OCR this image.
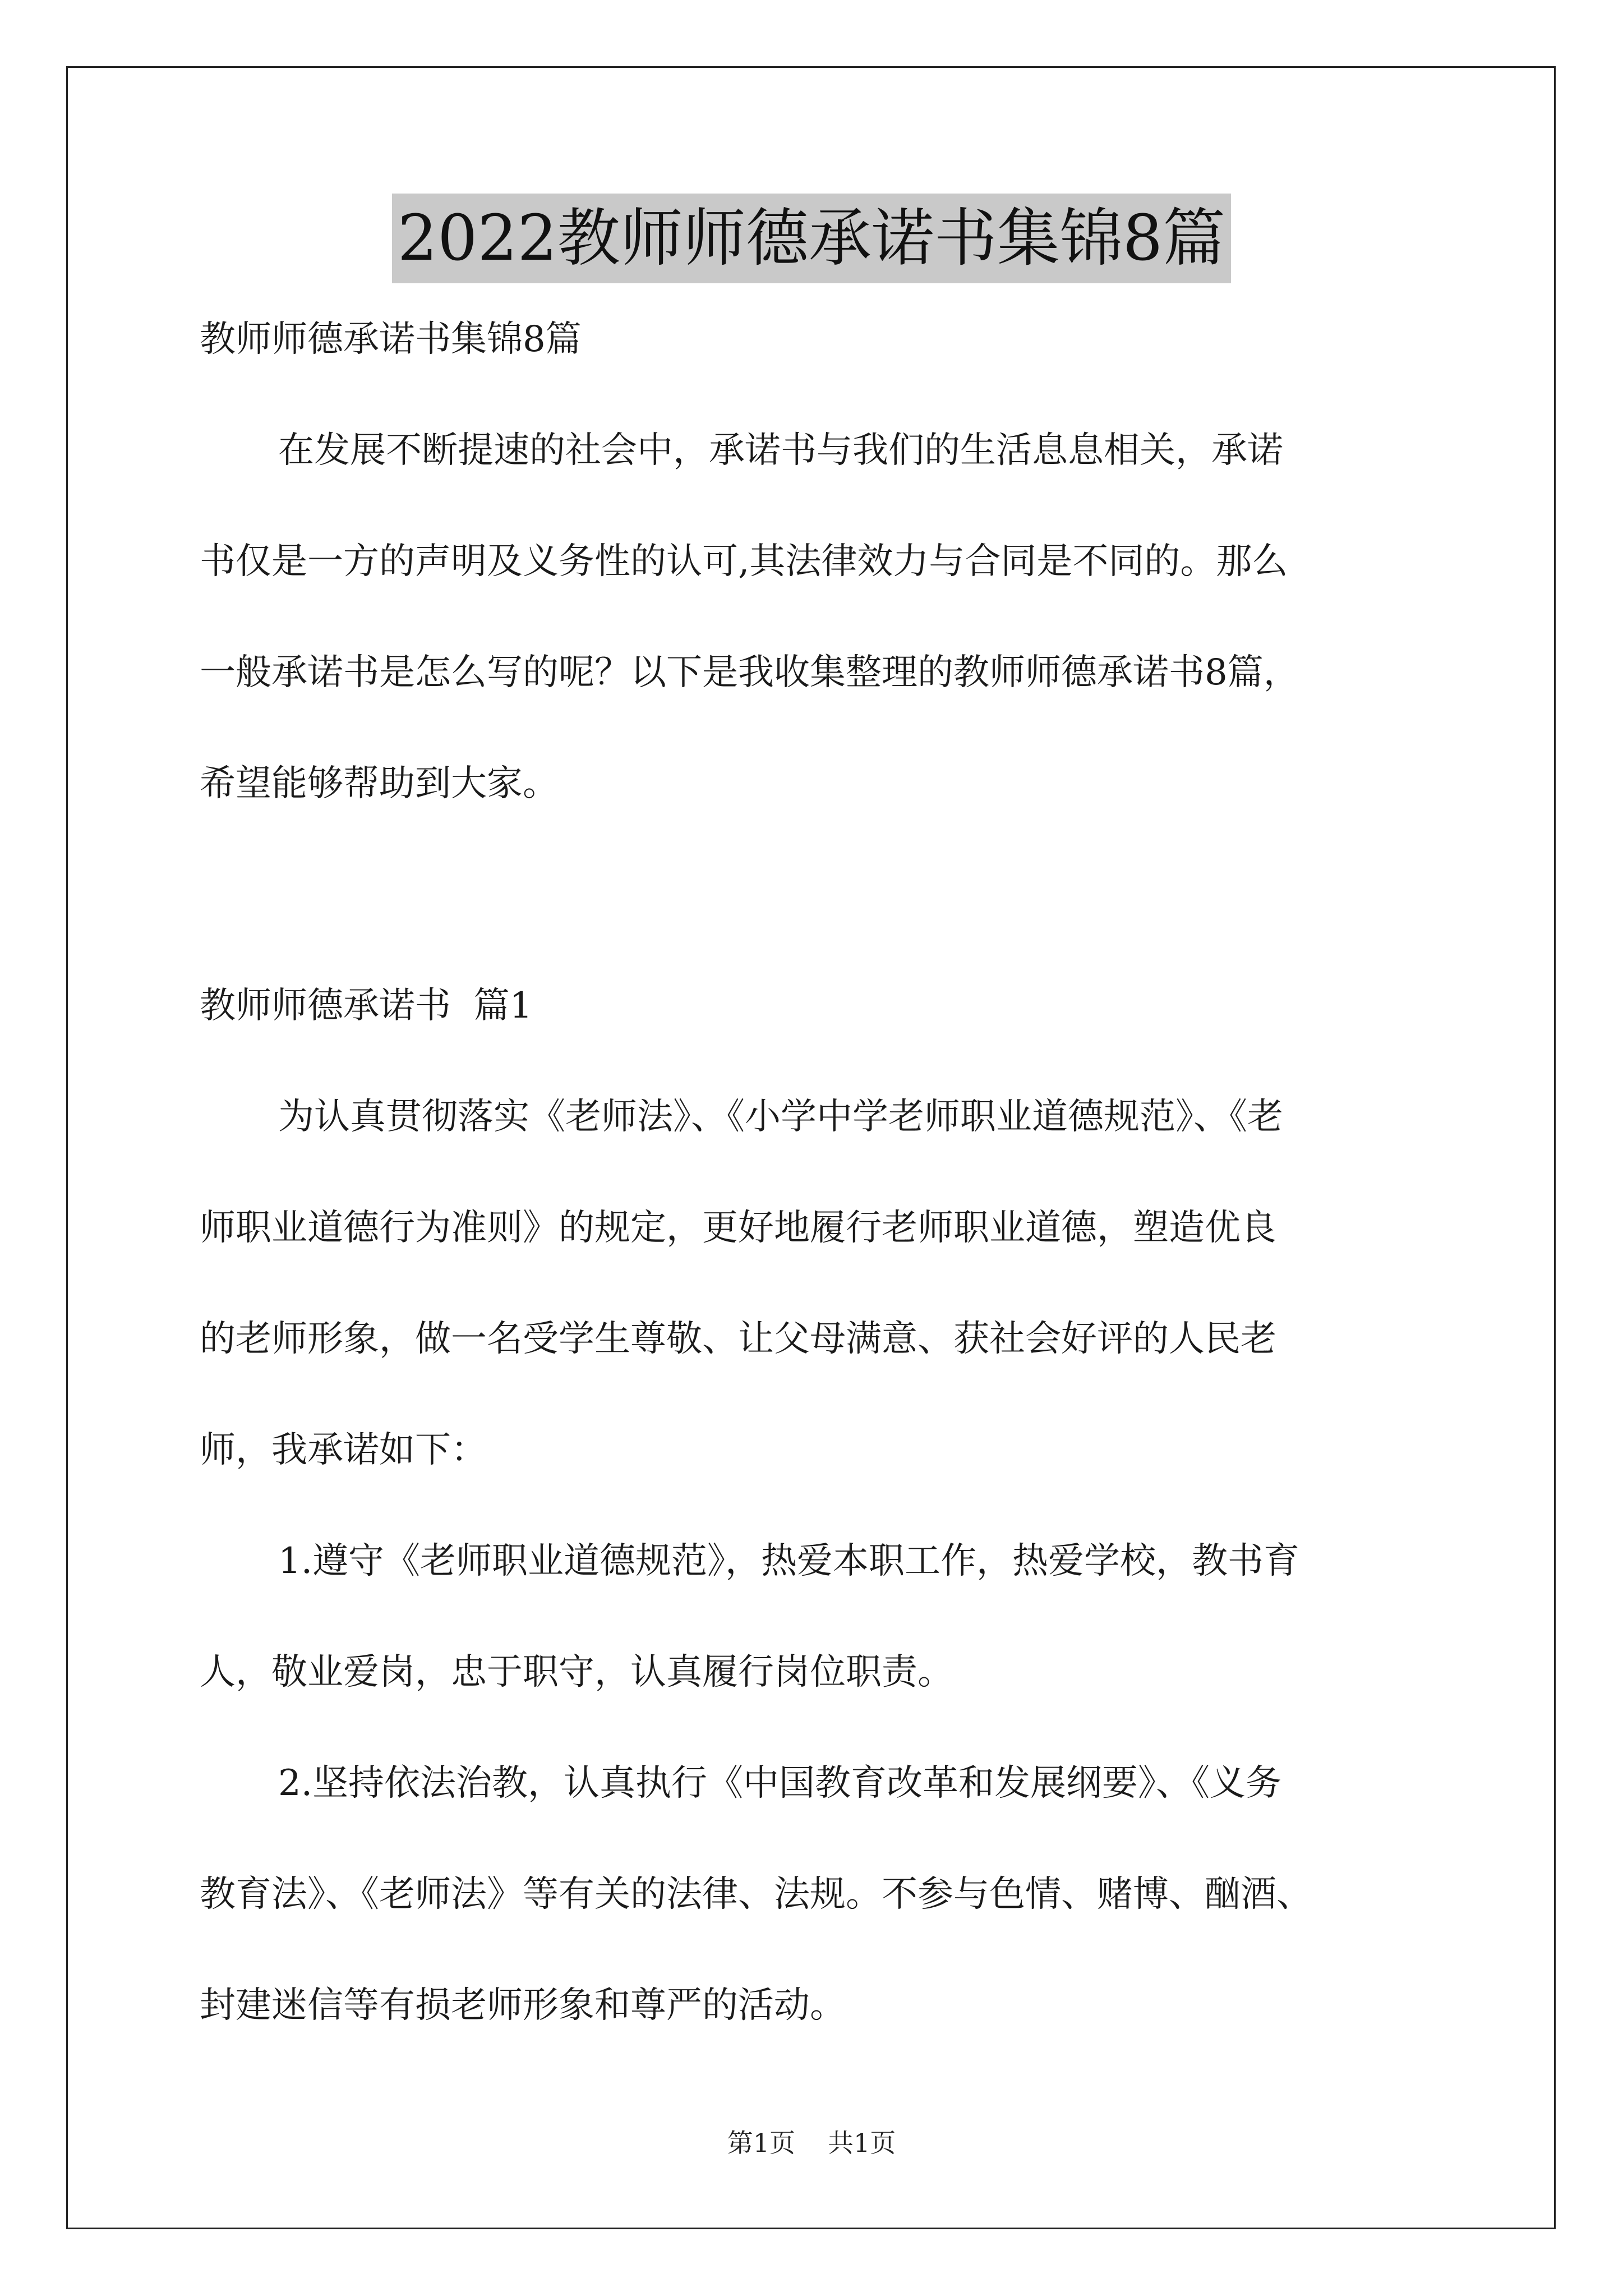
2022教师师德承诺书集锦8篇

教师师德承诺书集锦8篇

在发展不断提速的社会中，承诺书与我们的生活息息相关，承诺

书仅是一方的声明及义务性的认可,其法律效力与合同是不同的。那么

一般承诺书是怎么写的呢？以下是我收集整理的教师师德承诺书8篇，

希望能够帮助到大家。

教师师德承诺书  篇1

为认真贯彻落实《老师法》、《小学中学老师职业道德规范》、《老

师职业道德行为准则》的规定，更好地履行老师职业道德，塑造优良

的老师形象，做一名受学生尊敬、让父母满意、获社会好评的人民老

师，我承诺如下：

1.遵守《老师职业道德规范》，热爱本职工作，热爱学校，教书育

人，敬业爱岗，忠于职守，认真履行岗位职责。

2.坚持依法治教，认真执行《中国教育改革和发展纲要》、《义务

教育法》、《老师法》等有关的法律、法规。不参与色情、赌博、酗酒、

封建迷信等有损老师形象和尊严的活动。

第1页 共1页
